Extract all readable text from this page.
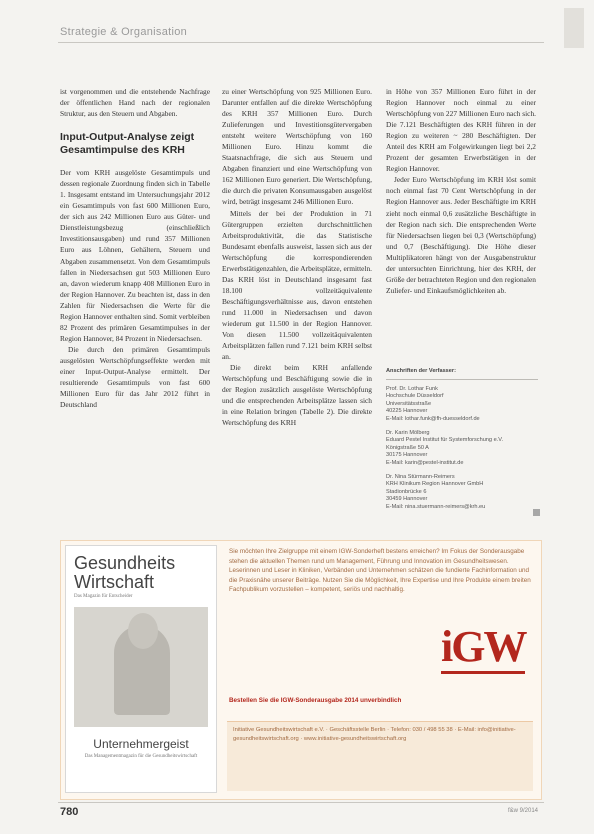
Strategie & Organisation

ist vorgenommen und die entstehende Nachfrage der öffentlichen Hand nach der regionalen Struktur, aus den Steuern und Abgaben.

Input-Output-Analyse zeigt Gesamtimpulse des KRH

Der vom KRH ausgelöste Gesamtimpuls und dessen regionale Zuordnung finden sich in Tabelle 1. Insgesamt entstand im Untersuchungsjahr 2012 ein Gesamtimpuls von fast 600 Millionen Euro, der sich aus 242 Millionen Euro aus Güter- und Dienstleistungsbezug (einschließlich Investitionsausgaben) und rund 357 Millionen Euro aus Löhnen, Gehältern, Steuern und Abgaben zusammensetzt. Von dem Gesamtimpuls fallen in Niedersachsen gut 503 Millionen Euro an, davon wiederum knapp 408 Millionen Euro in der Region Hannover. Zu beachten ist, dass in den Zahlen für Niedersachsen die Werte für die Region Hannover enthalten sind. Somit verbleiben 82 Prozent des primären Gesamtimpulses in der Region Hannover, 84 Prozent in Niedersachsen.

Die durch den primären Gesamtimpuls ausgelösten Wertschöpfungseffekte werden mit einer Input-Output-Analyse ermittelt. Der resultierende Gesamtimpuls von fast 600 Millionen Euro für das Jahr 2012 führt in Deutschland

zu einer Wertschöpfung von 925 Millionen Euro. Darunter entfallen auf die direkte Wertschöpfung des KRH 357 Millionen Euro. Durch Zulieferungen und Investitionsgütervergaben entsteht weitere Wertschöpfung von 160 Millionen Euro. Hinzu kommt die Staatsnachfrage, die sich aus Steuern und Abgaben finanziert und eine Wertschöpfung von 162 Millionen Euro generiert. Die Wertschöpfung, die durch die privaten Konsumausgaben ausgelöst wird, beträgt insgesamt 246 Millionen Euro.

Mittels der bei der Produktion in 71 Gütergruppen erzielten durchschnittlichen Arbeitsproduktivität, die das Statistische Bundesamt ebenfalls ausweist, lassen sich aus der Wertschöpfung die korrespondierenden Erwerbstätigenzahlen, die Arbeitsplätze, ermitteln. Das KRH löst in Deutschland insgesamt fast 18.100 vollzeitäquivalente Beschäftigungsverhältnisse aus, davon entstehen rund 11.000 in Niedersachsen und davon wiederum gut 11.500 in der Region Hannover. Von diesen 11.500 vollzeitäquivalenten Arbeitsplätzen fallen rund 7.121 beim KRH selbst an.

Die direkt beim KRH anfallende Wertschöpfung und Beschäftigung sowie die in der Region zusätzlich ausgelöste Wertschöpfung und die entsprechenden Arbeitsplätze lassen sich in eine Relation bringen (Tabelle 2). Die direkte Wertschöpfung des KRH

in Höhe von 357 Millionen Euro führt in der Region Hannover noch einmal zu einer Wertschöpfung von 227 Millionen Euro nach sich. Die 7.121 Beschäftigten des KRH führen in der Region zu weiteren ~ 280 Beschäftigten. Der Anteil des KRH am Folgewirkungen liegt bei 2,2 Prozent der gesamten Erwerbstätigen in der Region Hannover.

Jeder Euro Wertschöpfung im KRH löst somit noch einmal fast 70 Cent Wertschöpfung in der Region Hannover aus. Jeder Beschäftigte im KRH zieht noch einmal 0,6 zusätzliche Beschäftigte in der Region nach sich. Die entsprechenden Werte für Niedersachsen liegen bei 0,3 (Wertschöpfung) und 0,7 (Beschäftigung). Die Höhe dieser Multiplikatoren hängt von der Ausgabenstruktur der untersuchten Einrichtung, hier des KRH, der Größe der betrachteten Region und den regionalen Zuliefer- und Einkaufsmöglichkeiten ab.

Anschriften der Verfasser:
Prof. Dr. Lothar Funk
Hochschule Düsseldorf
Universitätsstraße
40225 Hannover
E-Mail: lothar.funk@fh-duesseldorf.de
Dr. Karin Mölberg
Eduard Pestel Institut für Systemforschung e.V.
Königstraße 50 A
30175 Hannover
E-Mail: karin@pestel-institut.de
Dr. Nina Stürmann-Reimers
KRH Klinikum Region Hannover GmbH
Stadionbrücke 6
30459 Hannover
E-Mail: nina.stuermann-reimers@krh.eu
Gesundheits
Wirtschaft
Das Magazin für Entscheider
Unternehmergeist
Das Managementmagazin für die Gesundheitswirtschaft
Sie möchten Ihre Zielgruppe mit einem IGW-Sonderheft bestens erreichen? Im Fokus der Sonderausgabe stehen die aktuellen Themen rund um Management, Führung und Innovation im Gesundheitswesen. Leserinnen und Leser in Kliniken, Verbänden und Unternehmen schätzen die fundierte Fachinformation und die Praxisnähe unserer Beiträge. Nutzen Sie die Möglichkeit, Ihre Expertise und Ihre Produkte einem breiten Fachpublikum vorzustellen – kompetent, seriös und nachhaltig.
iGW
Bestellen Sie die IGW-Sonderausgabe 2014 unverbindlich
Initiative Gesundheitswirtschaft e.V. · Geschäftsstelle Berlin · Telefon: 030 / 498 55 38 · E-Mail: info@initiative-gesundheitswirtschaft.org · www.initiative-gesundheitswirtschaft.org
780	f&w 9/2014
